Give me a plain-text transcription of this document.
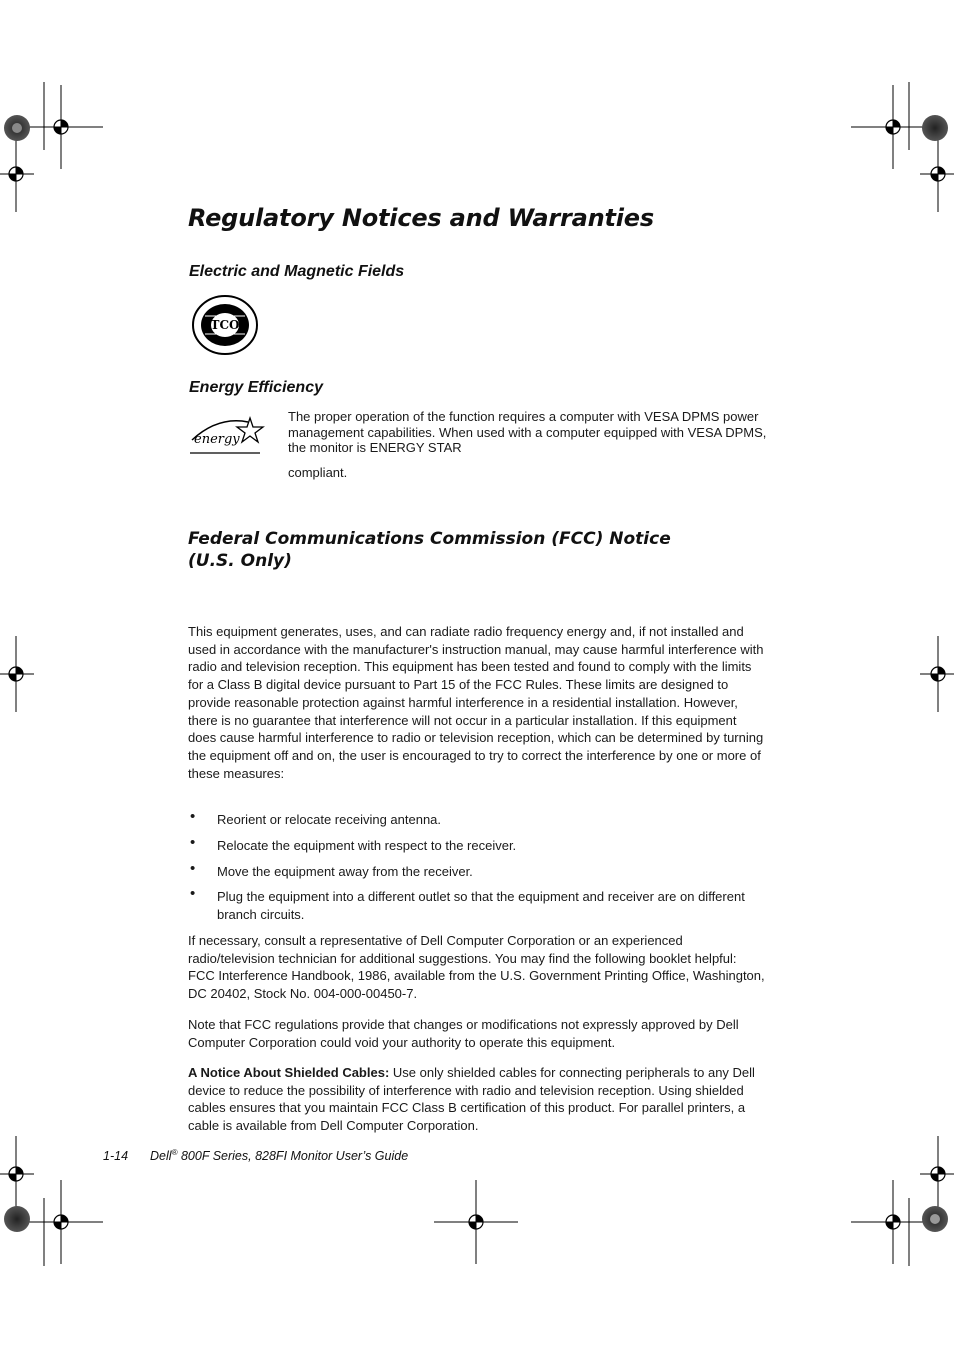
Regulatory Notices and Warranties
Electric and Magnetic Fields
TCO
Energy Efficiency
energy

The proper operation of the function requires a computer with VESA DPMS power management capabilities. When used with a computer equipped with VESA DPMS, the monitor is ENERGY STAR

compliant.

Federal Communications Commission (FCC) Notice
(U.S. Only)

This equipment generates, uses, and can radiate radio frequency energy and, if not installed and used in accordance with the manufacturer's instruction manual, may cause harmful interference with radio and television reception. This equipment has been tested and found to comply with the limits for a Class B digital device pursuant to Part 15 of the FCC Rules. These limits are designed to provide reasonable protection against harmful interference in a residential installation. However, there is no guarantee that interference will not occur in a particular installation. If this equipment does cause harmful interference to radio or television reception, which can be determined by turning the equipment off and on, the user is encouraged to try to correct the interference by one or more of these measures:

• Reorient or relocate receiving antenna.
• Relocate the equipment with respect to the receiver.
• Move the equipment away from the receiver.
• Plug the equipment into a different outlet so that the equipment and receiver are on different branch circuits.

If necessary, consult a representative of Dell Computer Corporation or an experienced radio/television technician for additional suggestions. You may find the following booklet helpful: FCC Interference Handbook, 1986, available from the U.S. Government Printing Office, Washington, DC 20402, Stock No. 004-000-00450-7.

Note that FCC regulations provide that changes or modifications not expressly approved by Dell Computer Corporation could void your authority to operate this equipment.

A Notice About Shielded Cables: Use only shielded cables for connecting peripherals to any Dell device to reduce the possibility of interference with radio and television reception. Using shielded cables ensures that you maintain FCC Class B certification of this product. For parallel printers, a cable is available from Dell Computer Corporation.

1-14 Dell® 800F Series, 828FI Monitor User’s Guide
